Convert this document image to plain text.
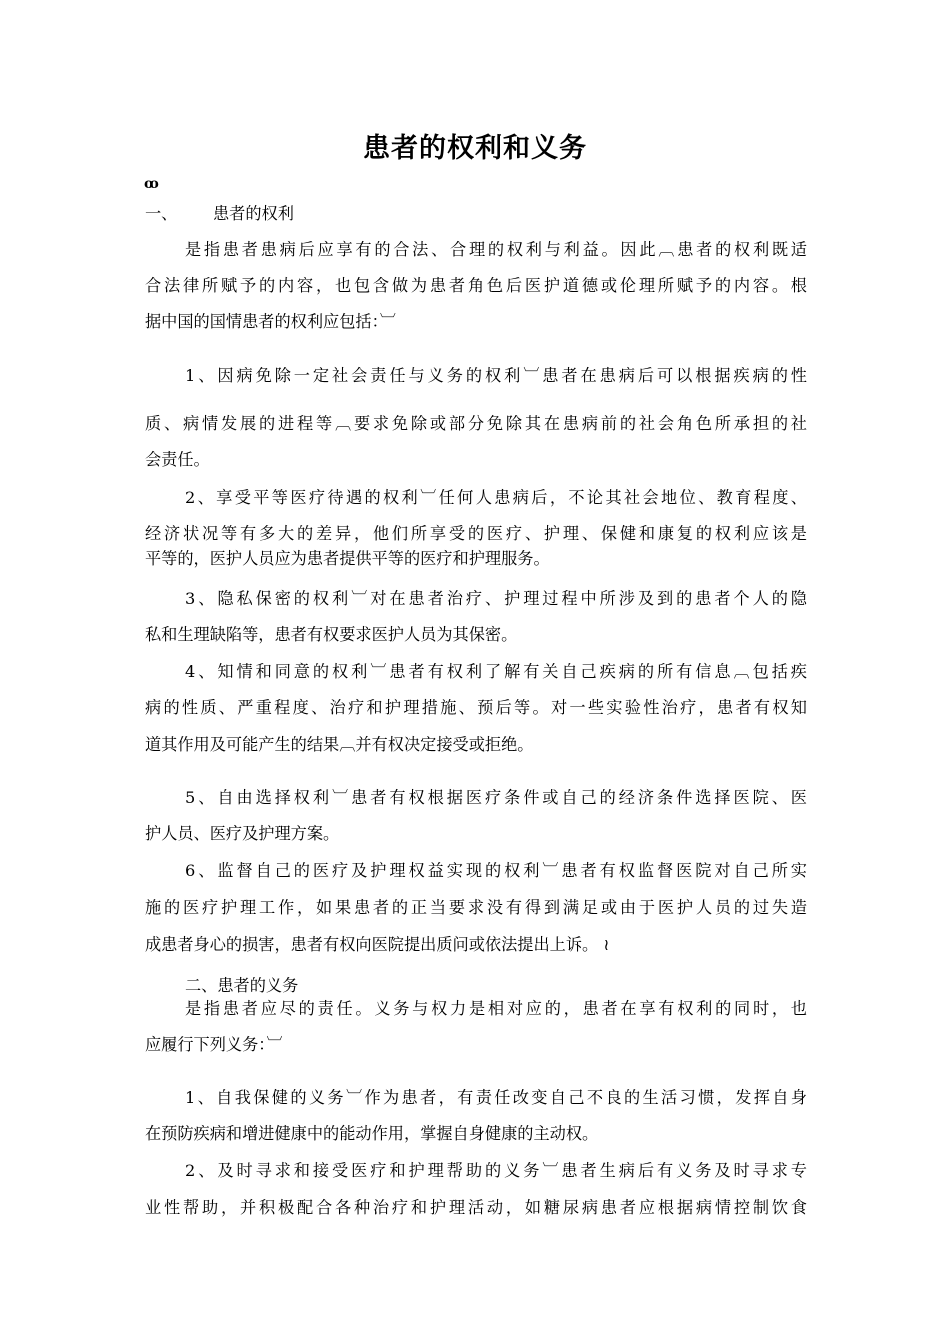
患者的权利和义务
ꝏ
一、 患者的权利
是指患者患病后应享有的合法、合理的权利与利益。因此︹患者的权利既适
合法律所赋予的内容，也包含做为患者角色后医护道德或伦理所赋予的内容。根
据中国的国情患者的权利应包括：︺
1、因病免除一定社会责任与义务的权利︺患者在患病后可以根据疾病的性
质、病情发展的进程等︹要求免除或部分免除其在患病前的社会角色所承担的社
会责任。
2、享受平等医疗待遇的权利︺任何人患病后，不论其社会地位、教育程度、
经济状况等有多大的差异，他们所享受的医疗、护理、保健和康复的权利应该是
平等的，医护人员应为患者提供平等的医疗和护理服务。
3、隐私保密的权利︺对在患者治疗、护理过程中所涉及到的患者个人的隐
私和生理缺陷等，患者有权要求医护人员为其保密。
4、知情和同意的权利︺患者有权利了解有关自己疾病的所有信息︹包括疾
病的性质、严重程度、治疗和护理措施、预后等。对一些实验性治疗，患者有权知
道其作用及可能产生的结果︹并有权决定接受或拒绝。
5、自由选择权利︺患者有权根据医疗条件或自己的经济条件选择医院、医
护人员、医疗及护理方案。
6、监督自己的医疗及护理权益实现的权利︺患者有权监督医院对自己所实
施的医疗护理工作，如果患者的正当要求没有得到满足或由于医护人员的过失造
成患者身心的损害，患者有权向医院提出质问或依法提出上诉。 ≀
二、患者的义务
是指患者应尽的责任。义务与权力是相对应的，患者在享有权利的同时，也
应履行下列义务：︺
1、自我保健的义务︺作为患者，有责任改变自己不良的生活习惯，发挥自身
在预防疾病和增进健康中的能动作用，掌握自身健康的主动权。
2、及时寻求和接受医疗和护理帮助的义务︺患者生病后有义务及时寻求专
业性帮助，并积极配合各种治疗和护理活动，如糖尿病患者应根据病情控制饮食
